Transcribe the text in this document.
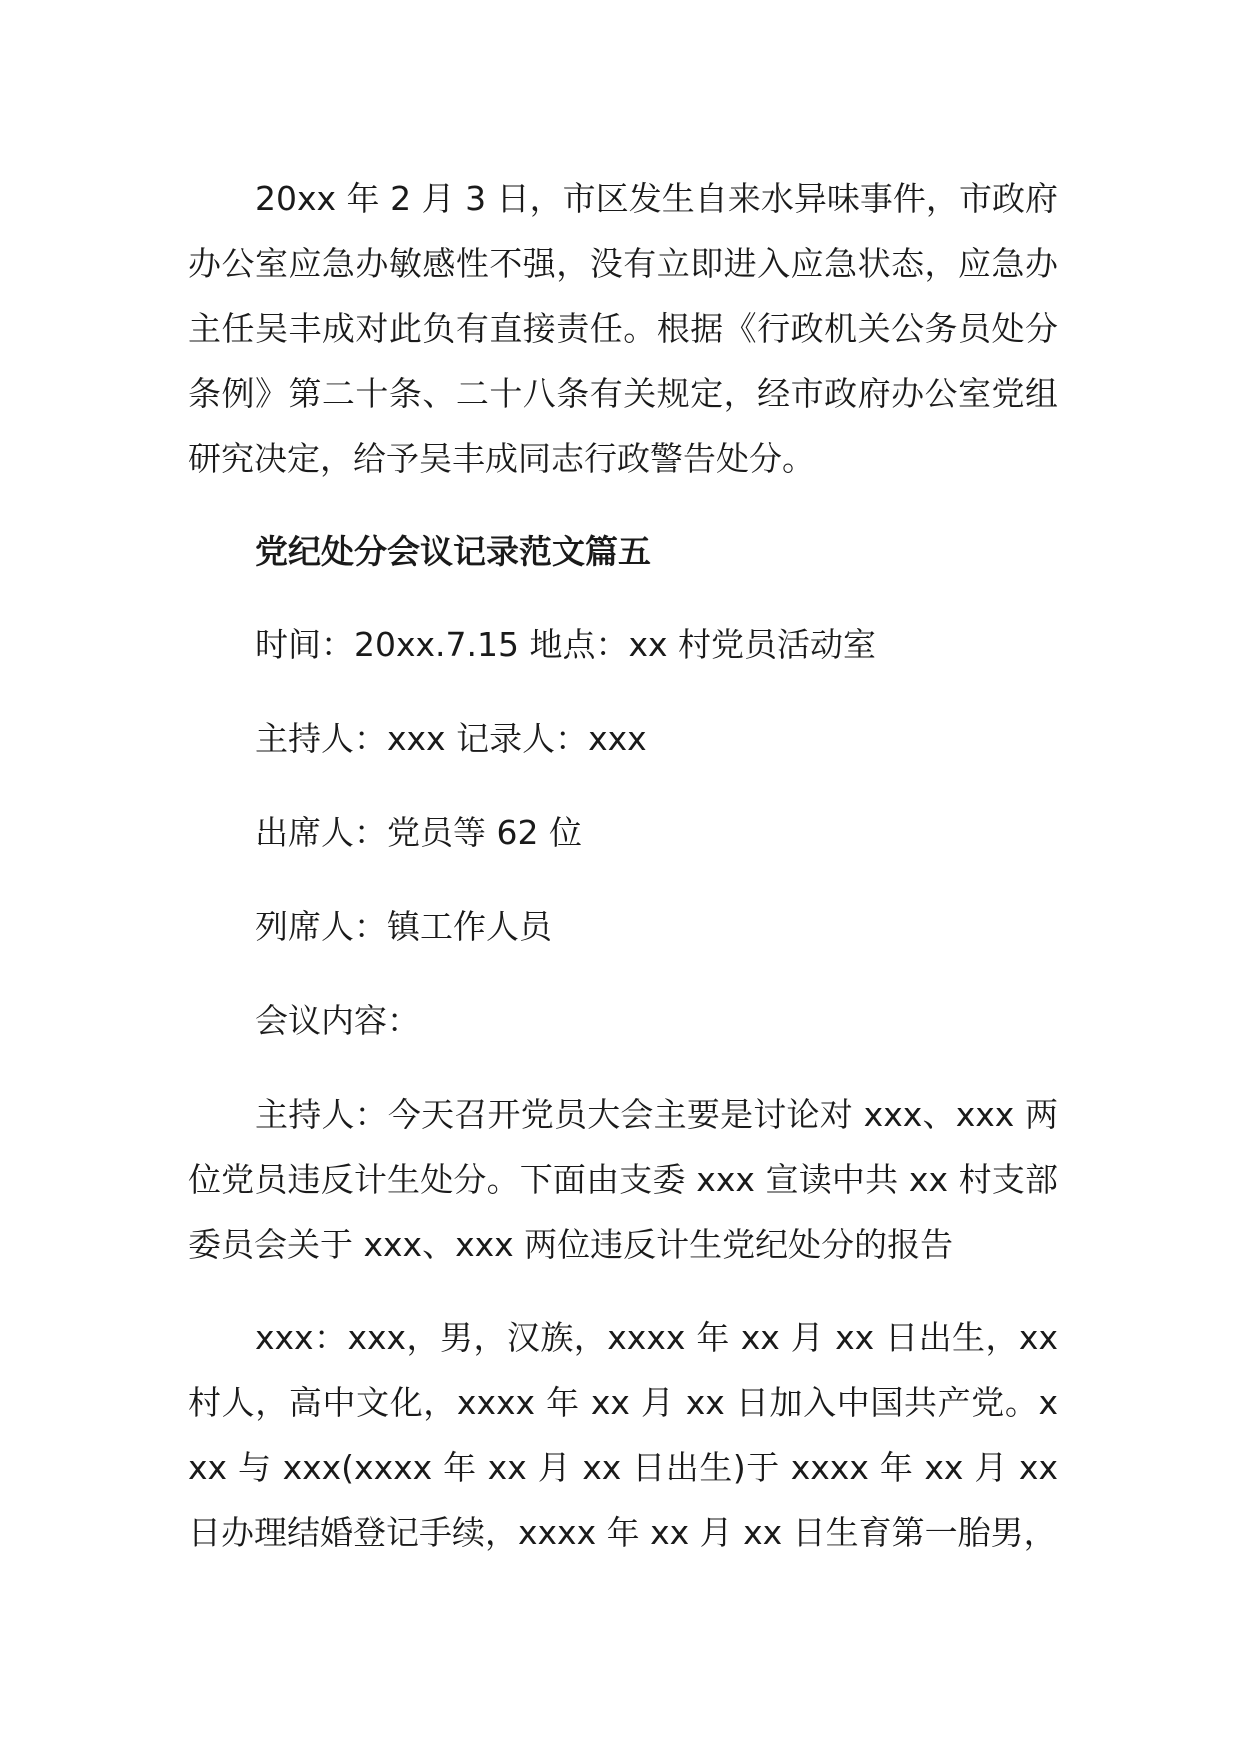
20xx 年 2 月 3 日，市区发生自来水异味事件，市政府办公室应急办敏感性不强，没有立即进入应急状态，应急办主任吴丰成对此负有直接责任。根据《行政机关公务员处分条例》第二十条、二十八条有关规定，经市政府办公室党组研究决定，给予吴丰成同志行政警告处分。

党纪处分会议记录范文篇五

时间：20xx.7.15 地点：xx 村党员活动室

主持人：xxx 记录人：xxx

出席人：党员等 62 位

列席人：镇工作人员

会议内容：

主持人：今天召开党员大会主要是讨论对 xxx、xxx 两位党员违反计生处分。下面由支委 xxx 宣读中共 xx 村支部委员会关于 xxx、xxx 两位违反计生党纪处分的报告

xxx：xxx，男，汉族，xxxx 年 xx 月 xx 日出生，xx 村人，高中文化，xxxx 年 xx 月 xx 日加入中国共产党。xxx 与 xxx(xxxx 年 xx 月 xx 日出生)于 xxxx 年 xx 月 xx 日办理结婚登记手续，xxxx 年 xx 月 xx 日生育第一胎男，
